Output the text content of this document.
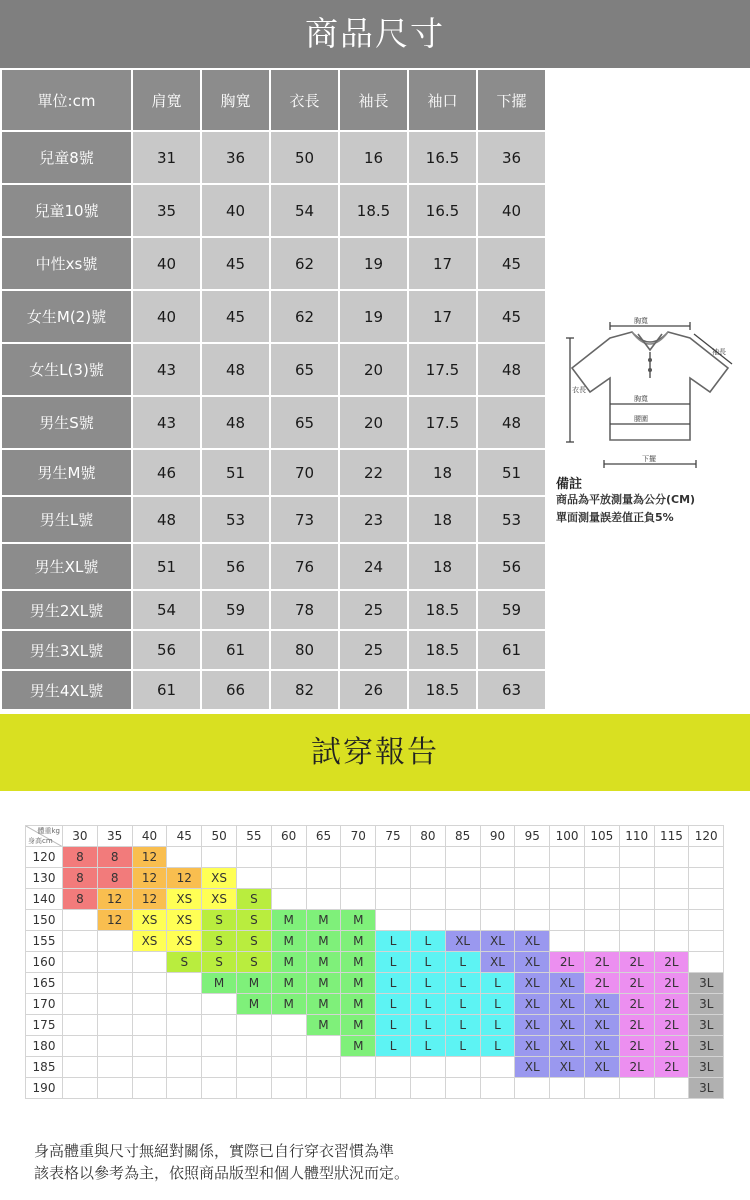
商品尺寸
單位:cm	肩寬	胸寬	衣長	袖長	袖口	下擺
兒童8號	31	36	50	16	16.5	36
兒童10號	35	40	54	18.5	16.5	40
中性xs號	40	45	62	19	17	45
女生M(2)號	40	45	62	19	17	45
女生L(3)號	43	48	65	20	17.5	48
男生S號	43	48	65	20	17.5	48
男生M號	46	51	70	22	18	51
男生L號	48	53	73	23	18	53
男生XL號	51	56	76	24	18	56
男生2XL號	54	59	78	25	18.5	59
男生3XL號	56	61	80	25	18.5	61
男生4XL號	61	66	82	26	18.5	63
胸寬
袖長
衣長
胸寬
腰圍
下擺
備註
商品為平放測量為公分(CM)
單面測量誤差值正負5%
試穿報告
體重kg
身高cm	30	35	40	45	50	55	60	65	70	75	80	85	90	95	100	105	110	115	120
120	8	8	12																
130	8	8	12	12	XS														
140	8	12	12	XS	XS	S													
150		12	XS	XS	S	S	M	M	M										
155			XS	XS	S	S	M	M	M	L	L	XL	XL	XL					
160				S	S	S	M	M	M	L	L	L	XL	XL	2L	2L	2L	2L	
165					M	M	M	M	M	L	L	L	L	XL	XL	2L	2L	2L	3L
170						M	M	M	M	L	L	L	L	XL	XL	XL	2L	2L	3L
175								M	M	L	L	L	L	XL	XL	XL	2L	2L	3L
180									M	L	L	L	L	XL	XL	XL	2L	2L	3L
185														XL	XL	XL	2L	2L	3L
190																			3L
身高體重與尺寸無絕對關係，實際已自行穿衣習慣為準
該表格以參考為主，依照商品版型和個人體型狀況而定。
